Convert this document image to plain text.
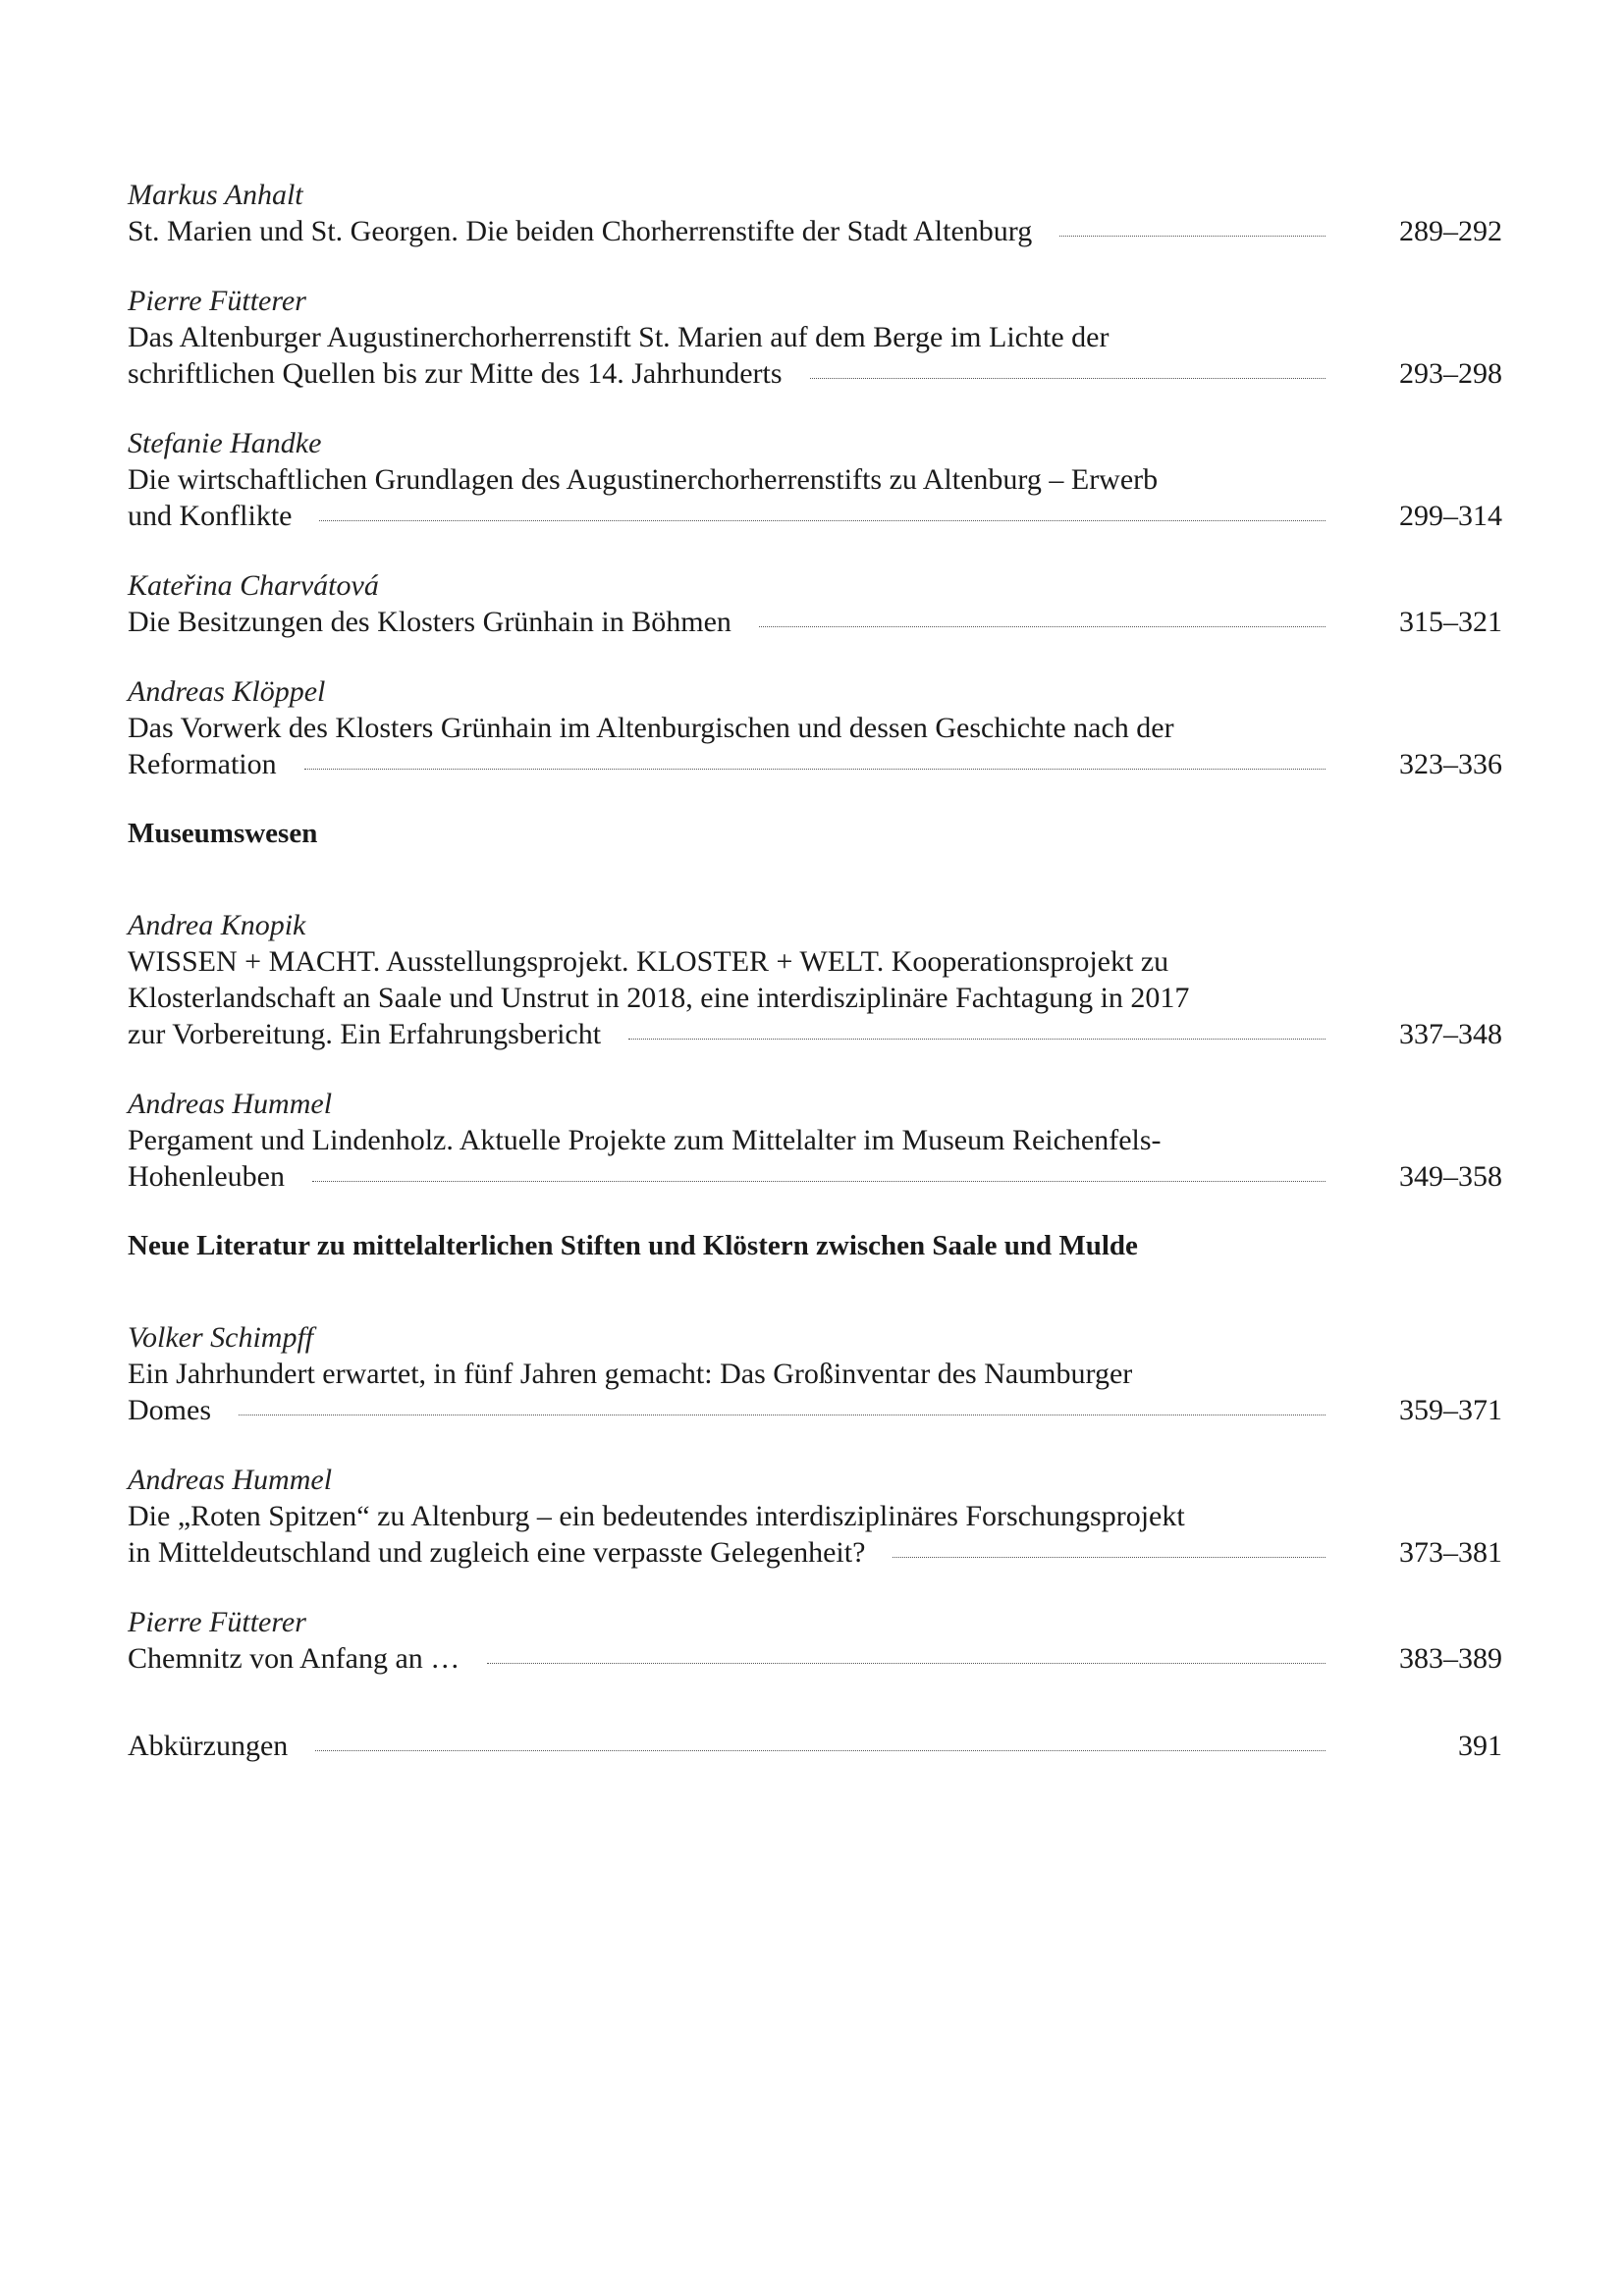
Markus Anhalt
St. Marien und St. Georgen. Die beiden Chorherrenstifte der Stadt Altenburg	289–292
Pierre Fütterer
Das Altenburger Augustinerchorherrenstift St. Marien auf dem Berge im Lichte der
schriftlichen Quellen bis zur Mitte des 14. Jahrhunderts	293–298
Stefanie Handke
Die wirtschaftlichen Grundlagen des Augustinerchorherrenstifts zu Altenburg – Erwerb
und Konflikte	299–314
Kateřina Charvátová
Die Besitzungen des Klosters Grünhain in Böhmen	315–321
Andreas Klöppel
Das Vorwerk des Klosters Grünhain im Altenburgischen und dessen Geschichte nach der
Reformation	323–336
Museumswesen
Andrea Knopik
WISSEN + MACHT. Ausstellungsprojekt. KLOSTER + WELT. Kooperationsprojekt zu
Klosterlandschaft an Saale und Unstrut in 2018, eine interdisziplinäre Fachtagung in 2017
zur Vorbereitung. Ein Erfahrungsbericht	337–348
Andreas Hummel
Pergament und Lindenholz. Aktuelle Projekte zum Mittelalter im Museum Reichenfels-
Hohenleuben	349–358
Neue Literatur zu mittelalterlichen Stiften und Klöstern zwischen Saale und Mulde
Volker Schimpff
Ein Jahrhundert erwartet, in fünf Jahren gemacht: Das Großinventar des Naumburger
Domes	359–371
Andreas Hummel
Die „Roten Spitzen“ zu Altenburg – ein bedeutendes interdisziplinäres Forschungsprojekt
in Mitteldeutschland und zugleich eine verpasste Gelegenheit?	373–381
Pierre Fütterer
Chemnitz von Anfang an …	383–389
Abkürzungen	391
